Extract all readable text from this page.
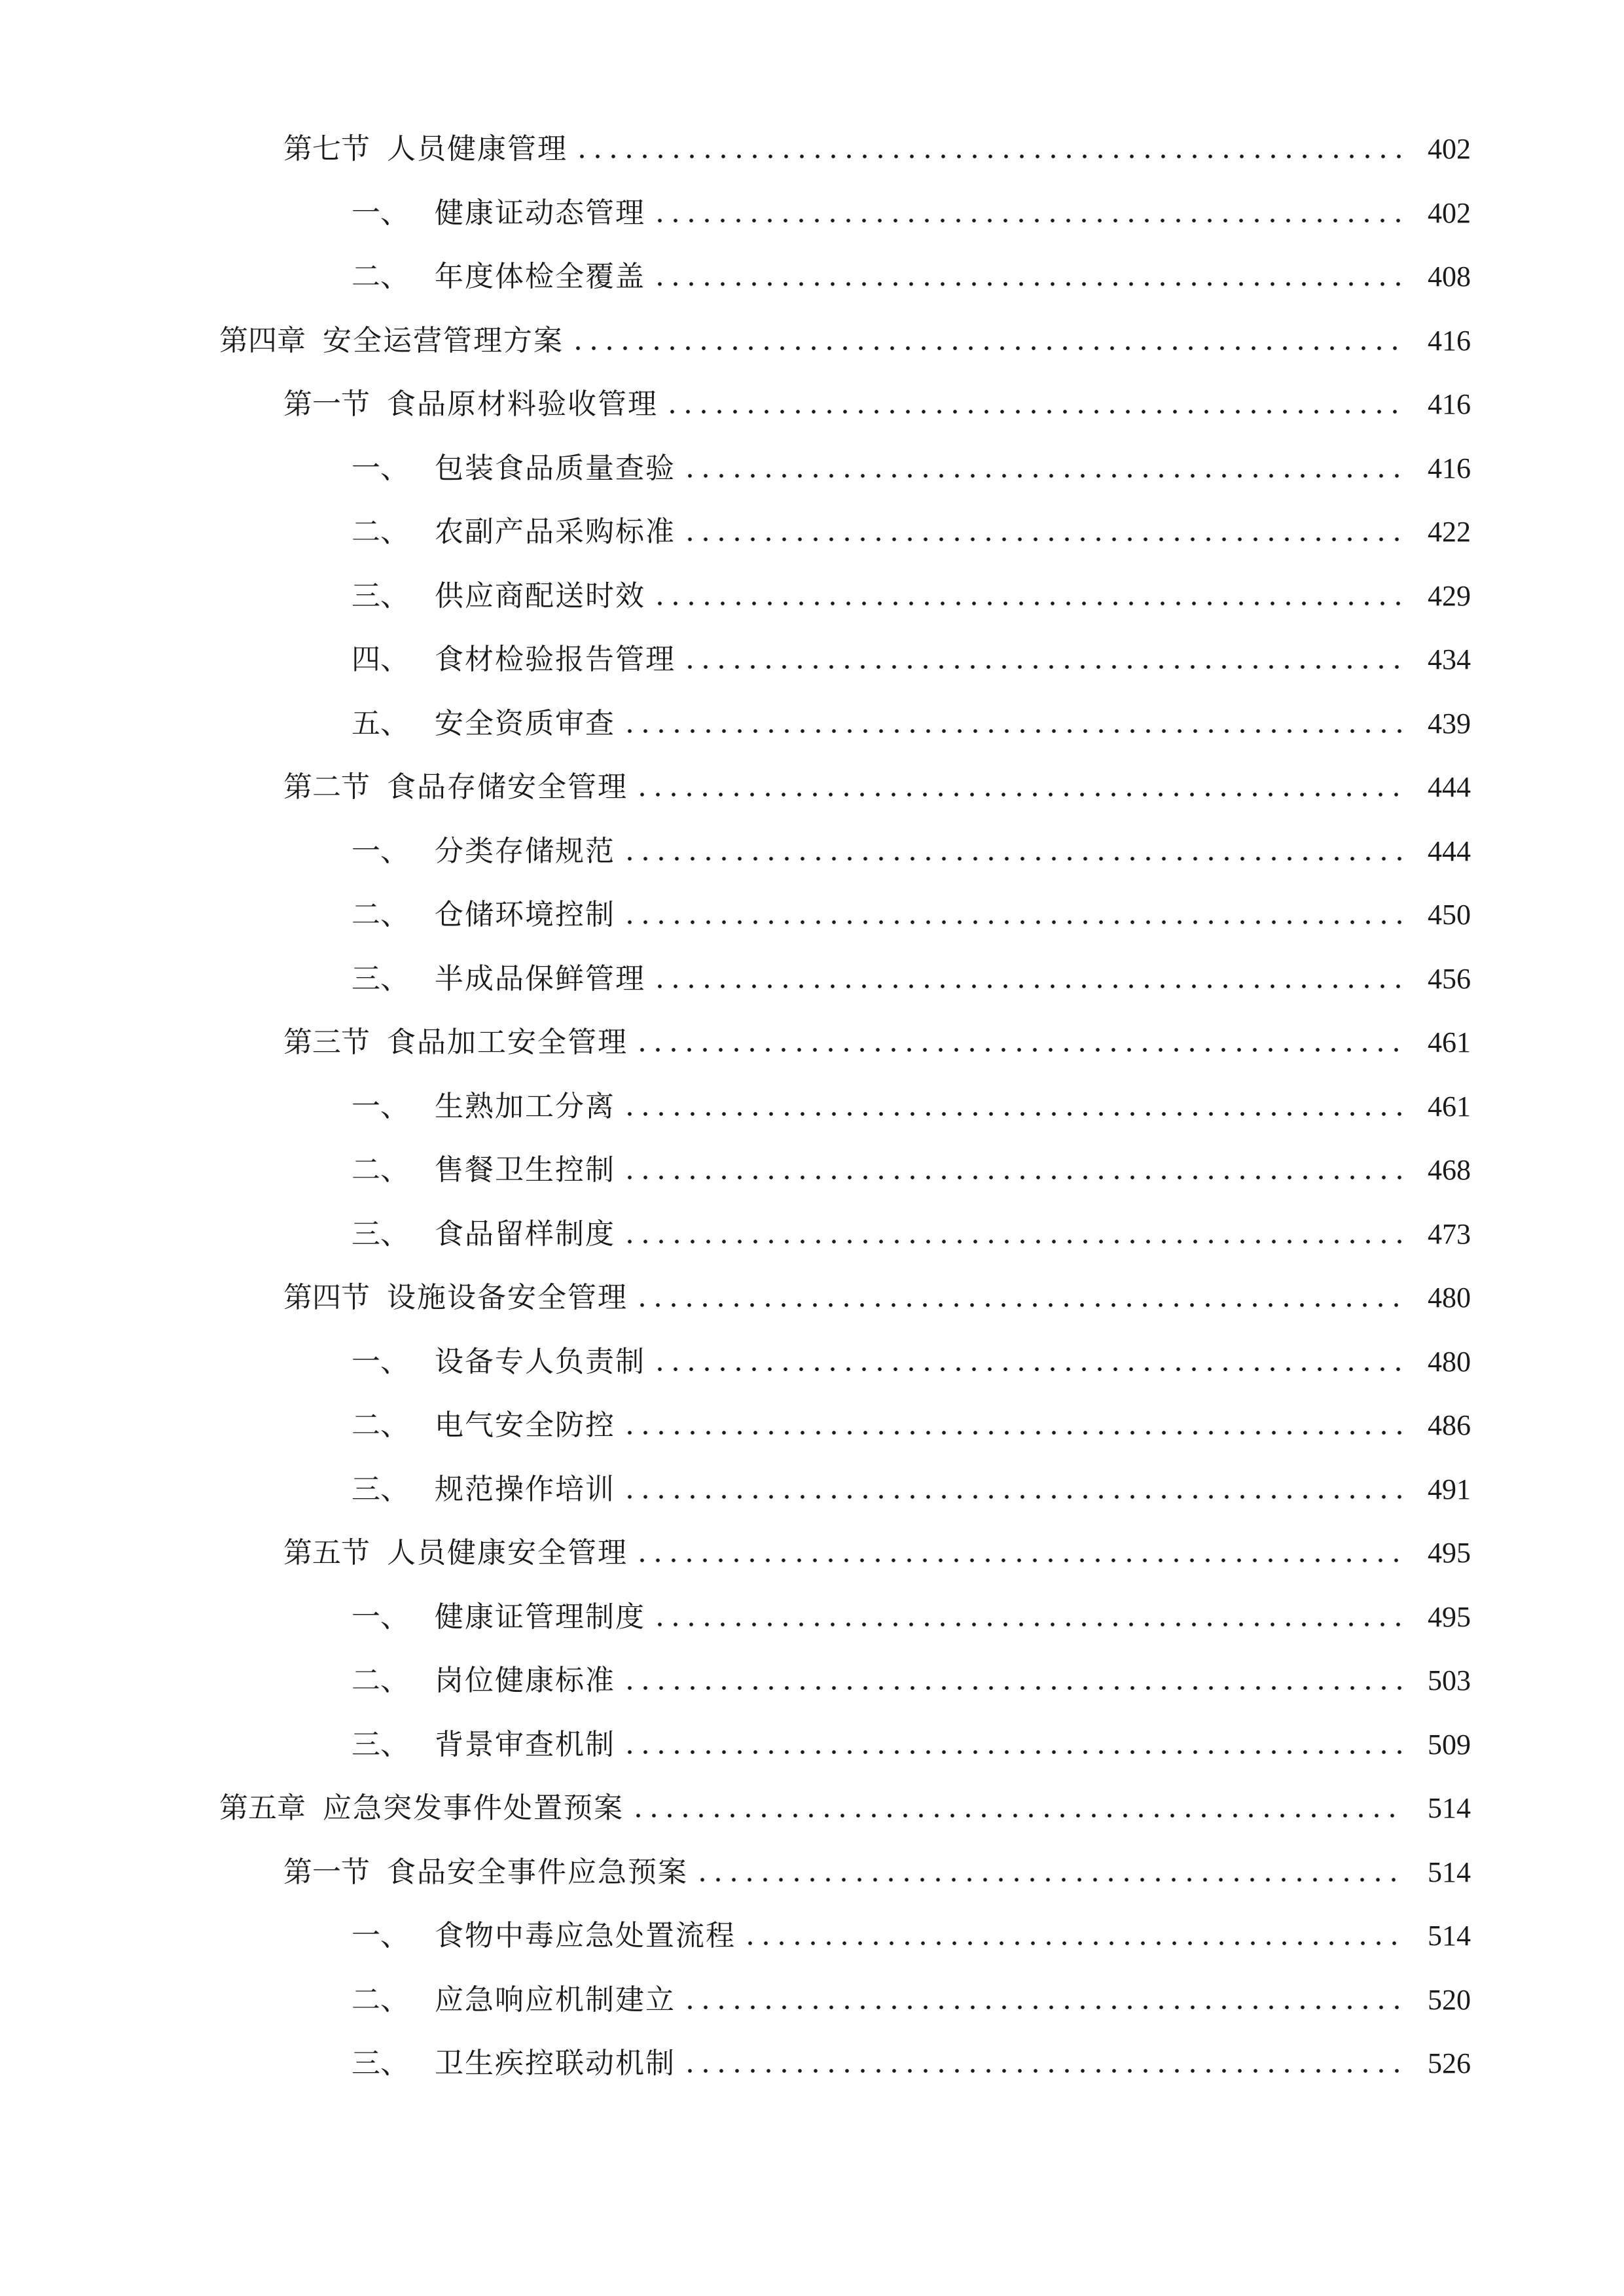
第七节 人员健康管理	402
一、 健康证动态管理	402
二、 年度体检全覆盖	408
第四章 安全运营管理方案	416
第一节 食品原材料验收管理	416
一、 包装食品质量查验	416
二、 农副产品采购标准	422
三、 供应商配送时效	429
四、 食材检验报告管理	434
五、 安全资质审查	439
第二节 食品存储安全管理	444
一、 分类存储规范	444
二、 仓储环境控制	450
三、 半成品保鲜管理	456
第三节 食品加工安全管理	461
一、 生熟加工分离	461
二、 售餐卫生控制	468
三、 食品留样制度	473
第四节 设施设备安全管理	480
一、 设备专人负责制	480
二、 电气安全防控	486
三、 规范操作培训	491
第五节 人员健康安全管理	495
一、 健康证管理制度	495
二、 岗位健康标准	503
三、 背景审查机制	509
第五章 应急突发事件处置预案	514
第一节 食品安全事件应急预案	514
一、 食物中毒应急处置流程	514
二、 应急响应机制建立	520
三、 卫生疾控联动机制	526
